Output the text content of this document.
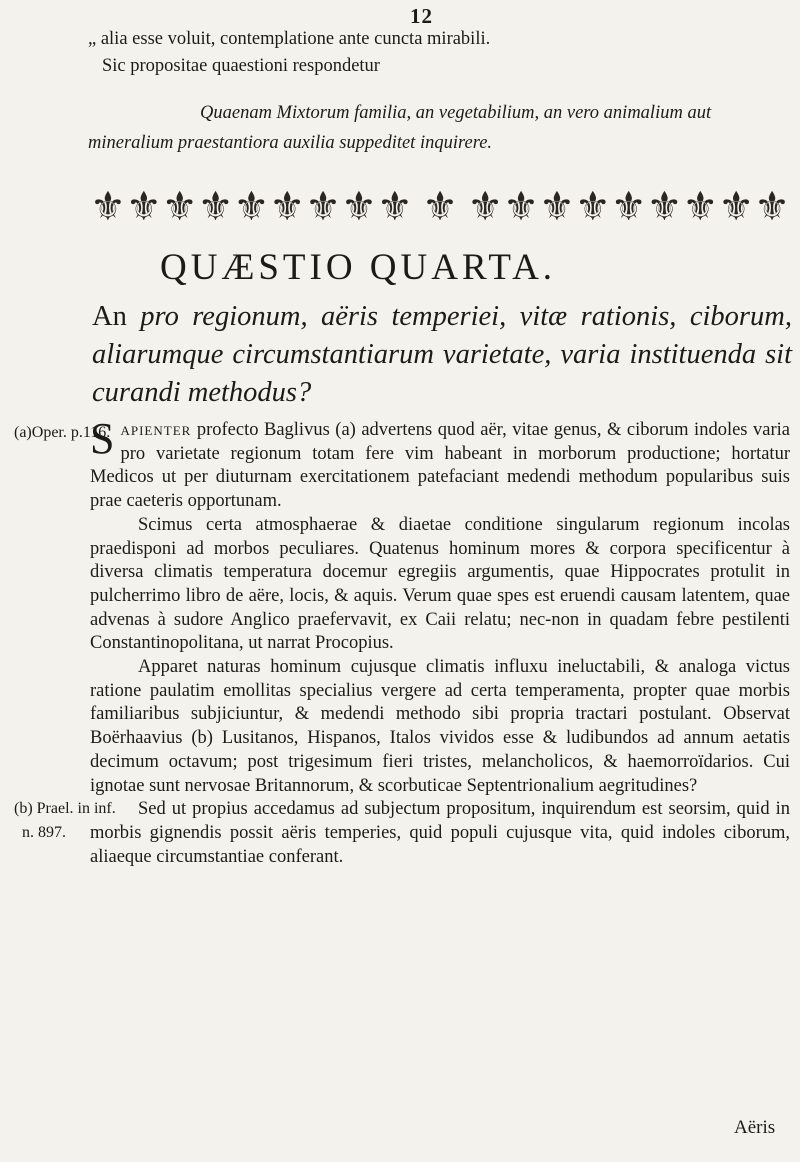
12

„ alia esse voluit, contemplatione ante cuncta mirabili.

Sic propositae quaestioni respondetur

Quaenam Mixtorum familia, an vegetabilium, an vero animalium aut mineralium praestantiora auxilia suppeditet inquirere.

⚜ ⚜ ⚜ ⚜ ⚜ ⚜ ⚜ ⚜ ⚜ ⚜ ⚜ ⚜ ⚜ ⚜ ⚜ ⚜ ⚜ ⚜ ⚜
QUÆSTIO QUARTA.
An pro regionum, aëris temperiei, vitæ rationis, ciborum, aliarumque circumstantiarum varietate, varia instituenda sit curandi methodus?
(a)Oper. p.116.
(b) Prael. in inf.
n. 897.

Sapienter profecto Baglivus (a) advertens quod aër, vitae genus, & ciborum indoles varia pro varietate regionum totam fere vim habeant in morborum productione; hortatur Medicos ut per diuturnam exercitationem patefaciant medendi methodum popularibus suis prae caeteris opportunam.

Scimus certa atmosphaerae & diaetae conditione singularum regionum incolas praedisponi ad morbos peculiares. Quatenus hominum mores & corpora specificentur à diversa climatis temperatura docemur egregiis argumentis, quae Hippocrates protulit in pulcherrimo libro de aëre, locis, & aquis. Verum quae spes est eruendi causam latentem, quae advenas à sudore Anglico praefervavit, ex Caii relatu; nec-non in quadam febre pestilenti Constantinopolitana, ut narrat Procopius.

Apparet naturas hominum cujusque climatis influxu ineluctabili, & analoga victus ratione paulatim emollitas specialius vergere ad certa temperamenta, propter quae morbis familiaribus subjiciuntur, & medendi methodo sibi propria tractari postulant. Observat Boërhaavius (b) Lusitanos, Hispanos, Italos vividos esse & ludibundos ad annum aetatis decimum octavum; post trigesimum fieri tristes, melancholicos, & haemorroïdarios. Cui ignotae sunt nervosae Britannorum, & scorbuticae Septentrionalium aegritudines?

Sed ut propius accedamus ad subjectum propositum, inquirendum est seorsim, quid in morbis gignendis possit aëris temperies, quid populi cujusque vita, quid indoles ciborum, aliaeque circumstantiae conferant.

Aëris
